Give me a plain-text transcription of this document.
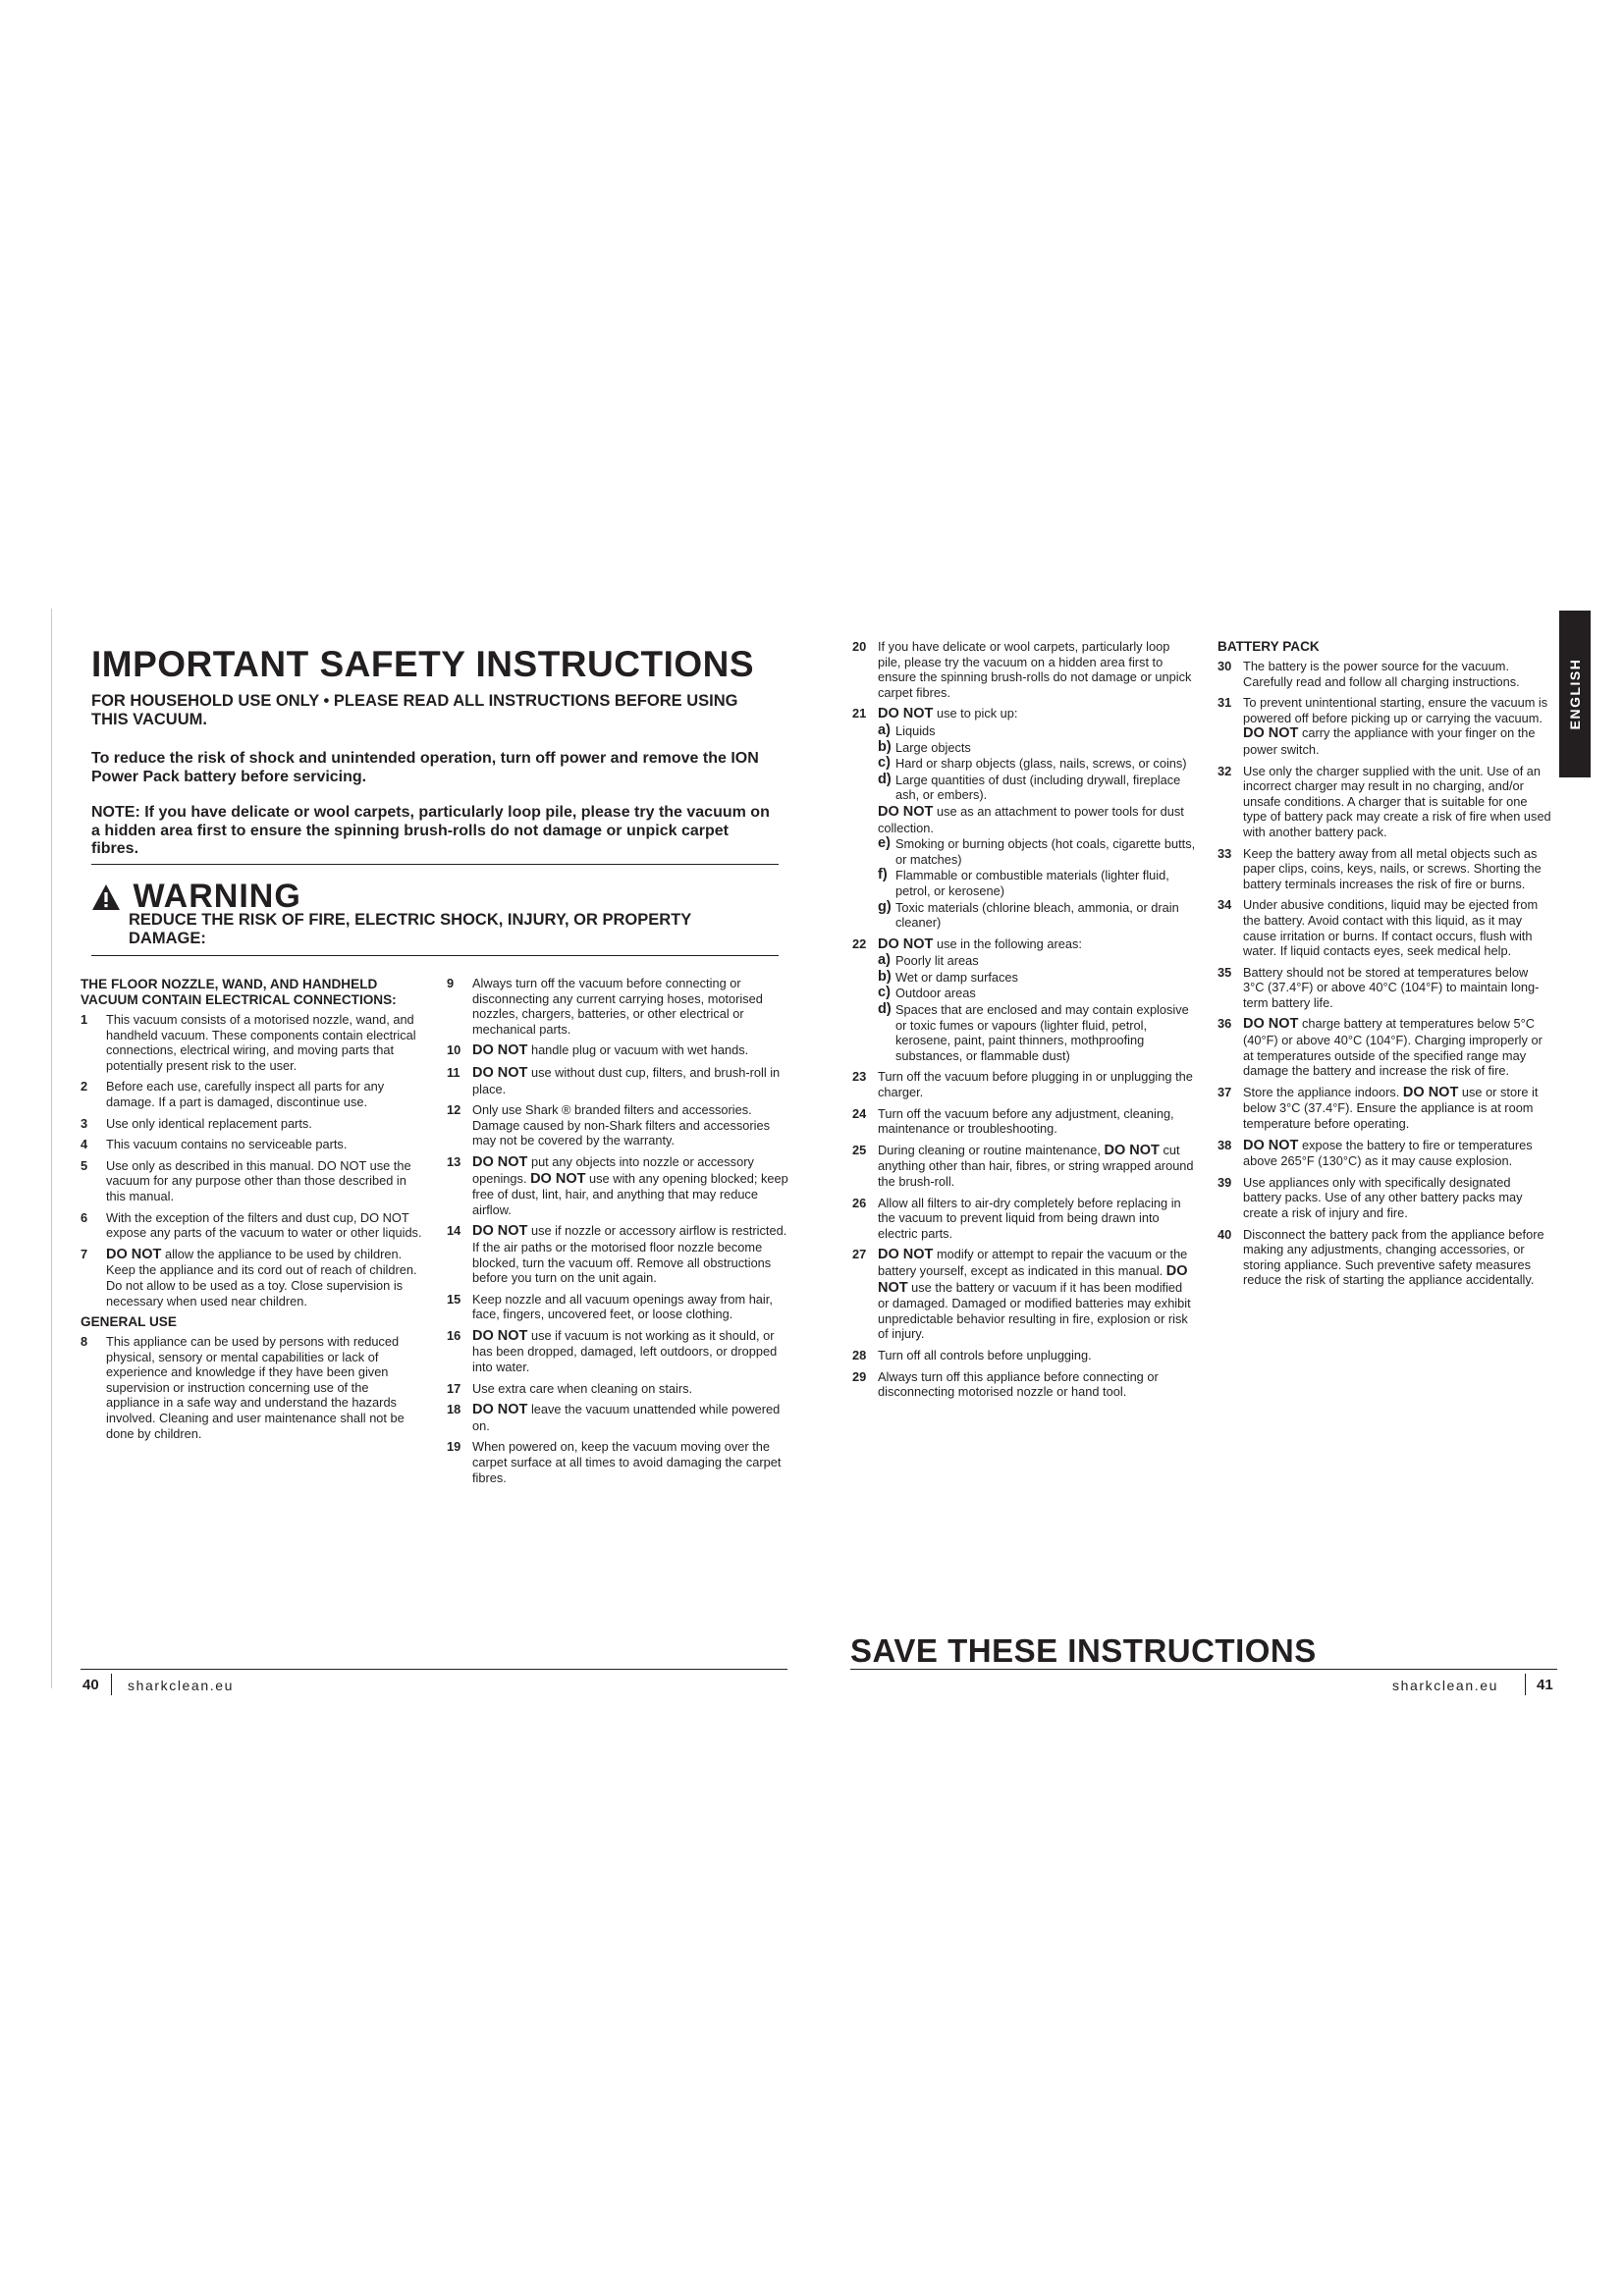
IMPORTANT SAFETY INSTRUCTIONS

FOR HOUSEHOLD USE ONLY • PLEASE READ ALL INSTRUCTIONS BEFORE USING THIS VACUUM.

To reduce the risk of shock and unintended operation, turn off power and remove the ION Power Pack battery before servicing.

NOTE: If you have delicate or wool carpets, particularly loop pile, please try the vacuum on a hidden area first to ensure the spinning brush-rolls do not damage or unpick carpet fibres.

WARNING

REDUCE THE RISK OF FIRE, ELECTRIC SHOCK, INJURY, OR PROPERTY DAMAGE:

THE FLOOR NOZZLE, WAND, AND HANDHELD VACUUM CONTAIN ELECTRICAL CONNECTIONS:

1 This vacuum consists of a motorised nozzle, wand, and handheld vacuum. These components contain electrical connections, electrical wiring, and moving parts that potentially present risk to the user.
2 Before each use, carefully inspect all parts for any damage. If a part is damaged, discontinue use.
3 Use only identical replacement parts.
4 This vacuum contains no serviceable parts.
5 Use only as described in this manual. DO NOT use the vacuum for any purpose other than those described in this manual.
6 With the exception of the filters and dust cup, DO NOT expose any parts of the vacuum to water or other liquids.
7 DO NOT allow the appliance to be used by children. Keep the appliance and its cord out of reach of children. Do not allow to be used as a toy. Close supervision is necessary when used near children.

GENERAL USE

8 This appliance can be used by persons with reduced physical, sensory or mental capabilities or lack of experience and knowledge if they have been given supervision or instruction concerning use of the appliance in a safe way and understand the hazards involved. Cleaning and user maintenance shall not be done by children.
9 Always turn off the vacuum before connecting or disconnecting any current carrying hoses, motorised nozzles, chargers, batteries, or other electrical or mechanical parts.
10 DO NOT handle plug or vacuum with wet hands.
11 DO NOT use without dust cup, filters, and brush-roll in place.
12 Only use Shark ® branded filters and accessories. Damage caused by non-Shark filters and accessories may not be covered by the warranty.
13 DO NOT put any objects into nozzle or accessory openings. DO NOT use with any opening blocked; keep free of dust, lint, hair, and anything that may reduce airflow.
14 DO NOT use if nozzle or accessory airflow is restricted. If the air paths or the motorised floor nozzle become blocked, turn the vacuum off. Remove all obstructions before you turn on the unit again.
15 Keep nozzle and all vacuum openings away from hair, face, fingers, uncovered feet, or loose clothing.
16 DO NOT use if vacuum is not working as it should, or has been dropped, damaged, left outdoors, or dropped into water.
17 Use extra care when cleaning on stairs.
18 DO NOT leave the vacuum unattended while powered on.
19 When powered on, keep the vacuum moving over the carpet surface at all times to avoid damaging the carpet fibres.
20 If you have delicate or wool carpets, particularly loop pile, please try the vacuum on a hidden area first to ensure the spinning brush-rolls do not damage or unpick carpet fibres.
21 DO NOT use to pick up:
a) Liquids
b) Large objects
c) Hard or sharp objects (glass, nails, screws, or coins)
d) Large quantities of dust (including drywall, fireplace ash, or embers).

DO NOT use as an attachment to power tools for dust collection.

e) Smoking or burning objects (hot coals, cigarette butts, or matches)
f) Flammable or combustible materials (lighter fluid, petrol, or kerosene)
g) Toxic materials (chlorine bleach, ammonia, or drain cleaner)
22 DO NOT use in the following areas:
a) Poorly lit areas
b) Wet or damp surfaces
c) Outdoor areas
d) Spaces that are enclosed and may contain explosive or toxic fumes or vapours (lighter fluid, petrol, kerosene, paint, paint thinners, mothproofing substances, or flammable dust)
23 Turn off the vacuum before plugging in or unplugging the charger.
24 Turn off the vacuum before any adjustment, cleaning, maintenance or troubleshooting.
25 During cleaning or routine maintenance, DO NOT cut anything other than hair, fibres, or string wrapped around the brush-roll.
26 Allow all filters to air-dry completely before replacing in the vacuum to prevent liquid from being drawn into electric parts.
27 DO NOT modify or attempt to repair the vacuum or the battery yourself, except as indicated in this manual. DO NOT use the battery or vacuum if it has been modified or damaged. Damaged or modified batteries may exhibit unpredictable behavior resulting in fire, explosion or risk of injury.
28 Turn off all controls before unplugging.
29 Always turn off this appliance before connecting or disconnecting motorised nozzle or hand tool.

BATTERY PACK

30 The battery is the power source for the vacuum. Carefully read and follow all charging instructions.
31 To prevent unintentional starting, ensure the vacuum is powered off before picking up or carrying the vacuum. DO NOT carry the appliance with your finger on the power switch.
32 Use only the charger supplied with the unit. Use of an incorrect charger may result in no charging, and/or unsafe conditions. A charger that is suitable for one type of battery pack may create a risk of fire when used with another battery pack.
33 Keep the battery away from all metal objects such as paper clips, coins, keys, nails, or screws. Shorting the battery terminals increases the risk of fire or burns.
34 Under abusive conditions, liquid may be ejected from the battery. Avoid contact with this liquid, as it may cause irritation or burns. If contact occurs, flush with water. If liquid contacts eyes, seek medical help.
35 Battery should not be stored at temperatures below 3°C (37.4°F) or above 40°C (104°F) to maintain long-term battery life.
36 DO NOT charge battery at temperatures below 5°C (40°F) or above 40°C (104°F). Charging improperly or at temperatures outside of the specified range may damage the battery and increase the risk of fire.
37 Store the appliance indoors. DO NOT use or store it below 3°C (37.4°F). Ensure the appliance is at room temperature before operating.
38 DO NOT expose the battery to fire or temperatures above 265°F (130°C) as it may cause explosion.
39 Use appliances only with specifically designated battery packs. Use of any other battery packs may create a risk of injury and fire.
40 Disconnect the battery pack from the appliance before making any adjustments, changing accessories, or storing appliance. Such preventive safety measures reduce the risk of starting the appliance accidentally.
SAVE THESE INSTRUCTIONS
40 sharkclean.eu	sharkclean.eu	41
ENGLISH
